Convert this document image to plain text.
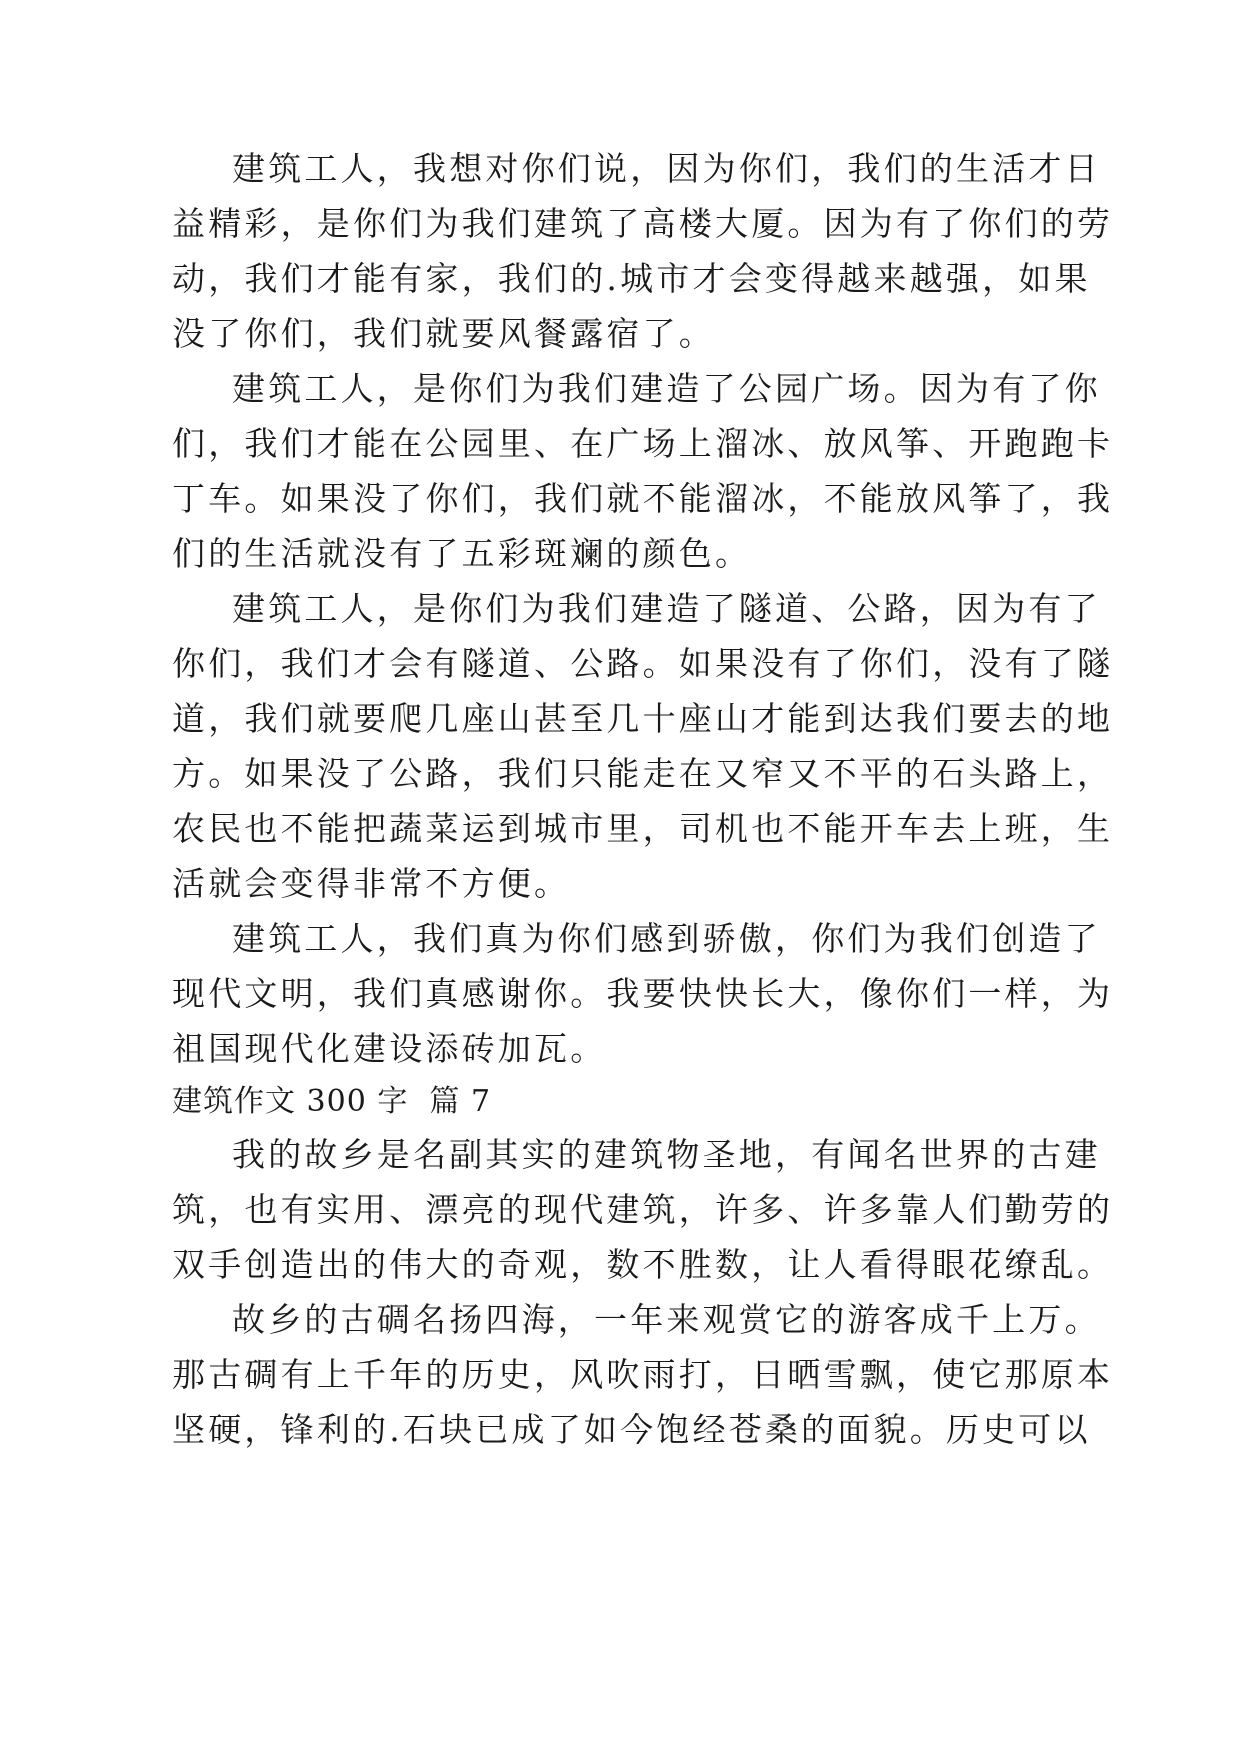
建筑工人，我想对你们说，因为你们，我们的生活才日

益精彩，是你们为我们建筑了高楼大厦。因为有了你们的劳

动，我们才能有家，我们的.城市才会变得越来越强，如果

没了你们，我们就要风餐露宿了。

建筑工人，是你们为我们建造了公园广场。因为有了你

们，我们才能在公园里、在广场上溜冰、放风筝、开跑跑卡

丁车。如果没了你们，我们就不能溜冰，不能放风筝了，我

们的生活就没有了五彩斑斓的颜色。

建筑工人，是你们为我们建造了隧道、公路，因为有了

你们，我们才会有隧道、公路。如果没有了你们，没有了隧

道，我们就要爬几座山甚至几十座山才能到达我们要去的地

方。如果没了公路，我们只能走在又窄又不平的石头路上，

农民也不能把蔬菜运到城市里，司机也不能开车去上班，生

活就会变得非常不方便。

建筑工人，我们真为你们感到骄傲，你们为我们创造了

现代文明，我们真感谢你。我要快快长大，像你们一样，为

祖国现代化建设添砖加瓦。

建筑作文 300 字  篇 7

我的故乡是名副其实的建筑物圣地，有闻名世界的古建

筑，也有实用、漂亮的现代建筑，许多、许多靠人们勤劳的

双手创造出的伟大的奇观，数不胜数，让人看得眼花缭乱。

故乡的古碉名扬四海，一年来观赏它的游客成千上万。

那古碉有上千年的历史，风吹雨打，日晒雪飘，使它那原本

坚硬，锋利的.石块已成了如今饱经苍桑的面貌。历史可以
